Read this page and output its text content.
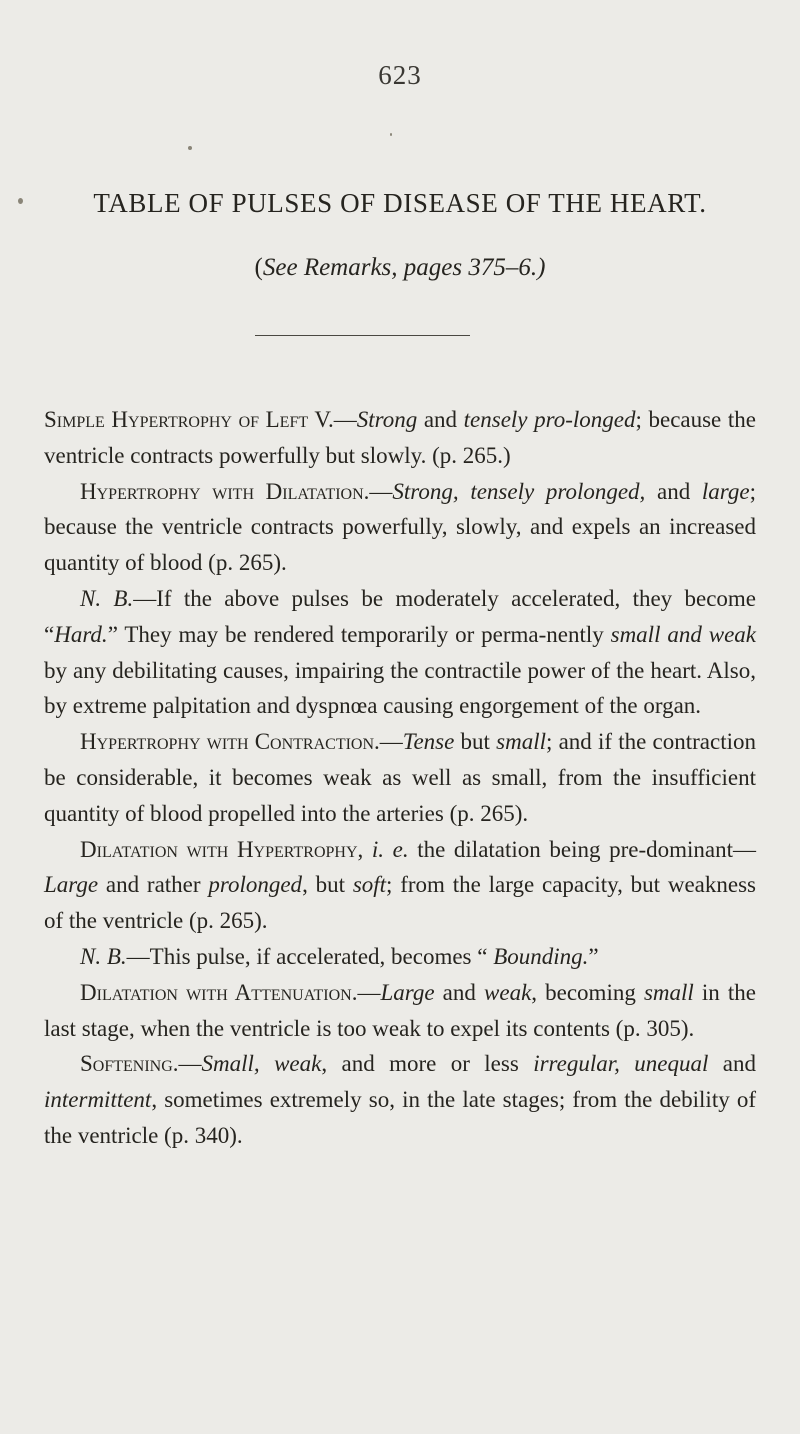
623
TABLE OF PULSES OF DISEASE OF THE HEART.
(See Remarks, pages 375–6.)

Simple Hypertrophy of Left V.—Strong and tensely pro-longed; because the ventricle contracts powerfully but slowly. (p. 265.)

Hypertrophy with Dilatation.—Strong, tensely prolonged, and large; because the ventricle contracts powerfully, slowly, and expels an increased quantity of blood (p. 265).

N. B.—If the above pulses be moderately accelerated, they become “Hard.” They may be rendered temporarily or perma-nently small and weak by any debilitating causes, impairing the contractile power of the heart. Also, by extreme palpitation and dyspnœa causing engorgement of the organ.

Hypertrophy with Contraction.—Tense but small; and if the contraction be considerable, it becomes weak as well as small, from the insufficient quantity of blood propelled into the arteries (p. 265).

Dilatation with Hypertrophy, i. e. the dilatation being pre-dominant—Large and rather prolonged, but soft; from the large capacity, but weakness of the ventricle (p. 265).

N. B.—This pulse, if accelerated, becomes “ Bounding.”

Dilatation with Attenuation.—Large and weak, becoming small in the last stage, when the ventricle is too weak to expel its contents (p. 305).

Softening.—Small, weak, and more or less irregular, unequal and intermittent, sometimes extremely so, in the late stages; from the debility of the ventricle (p. 340).
